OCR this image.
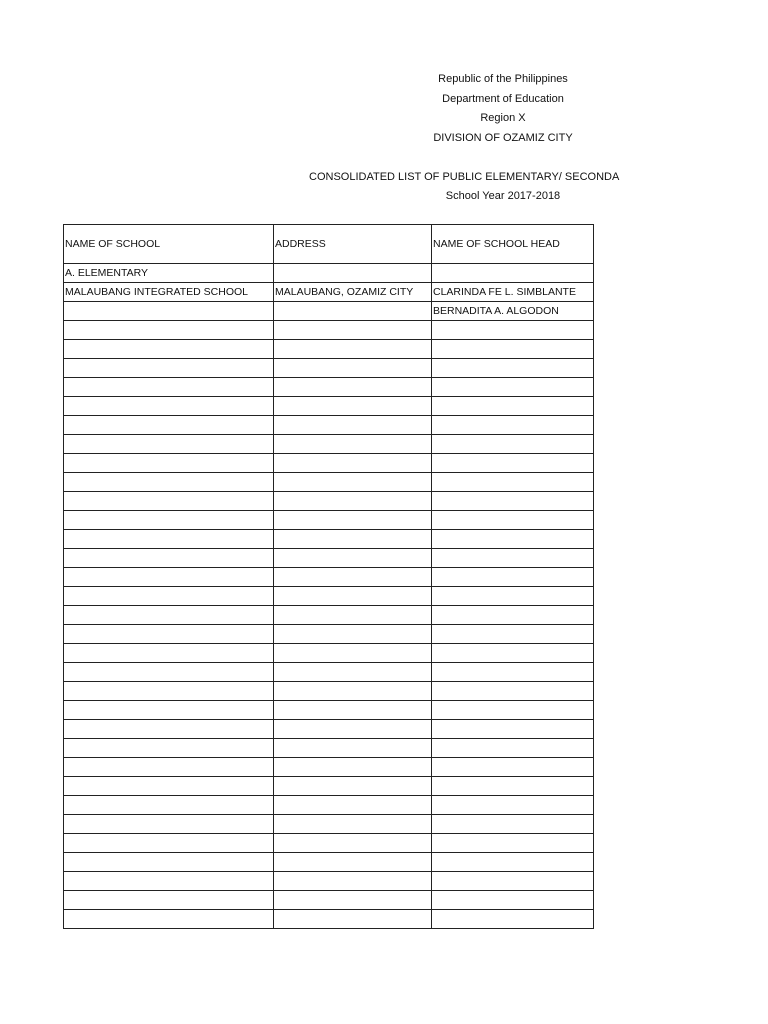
Republic of the Philippines
Department of Education
Region X
DIVISION OF OZAMIZ CITY
CONSOLIDATED LIST OF PUBLIC ELEMENTARY/ SECONDA
School Year 2017-2018
NAME OF SCHOOL	ADDRESS	NAME OF SCHOOL HEAD
A. ELEMENTARY		
MALAUBANG INTEGRATED SCHOOL	MALAUBANG, OZAMIZ CITY	CLARINDA FE L. SIMBLANTE
		BERNADITA A. ALGODON
